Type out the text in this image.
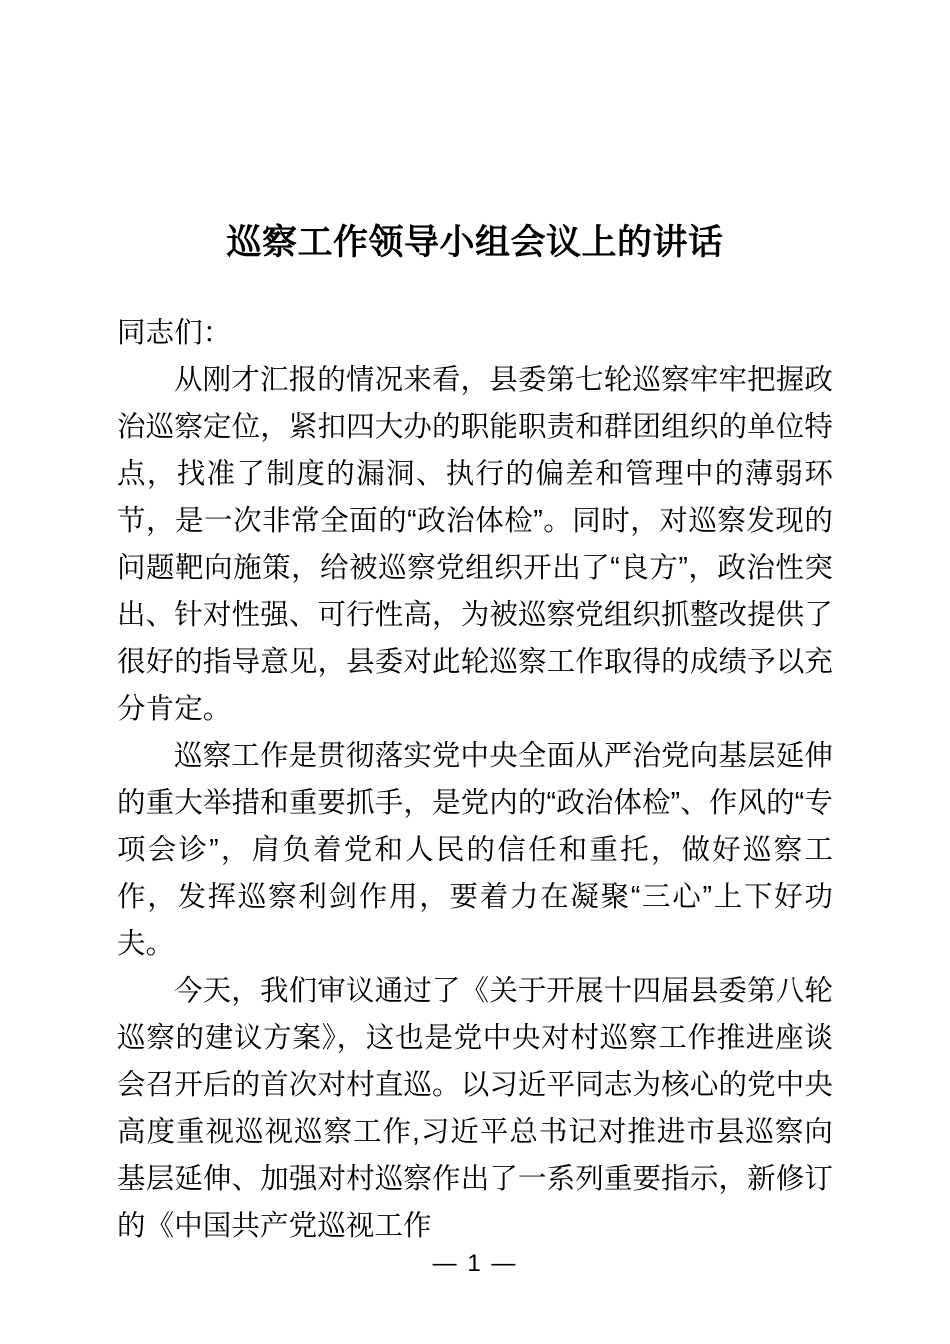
巡察工作领导小组会议上的讲话

同志们：

从刚才汇报的情况来看，县委第七轮巡察牢牢把握政治巡察定位，紧扣四大办的职能职责和群团组织的单位特点，找准了制度的漏洞、执行的偏差和管理中的薄弱环节，是一次非常全面的“政治体检”。同时，对巡察发现的问题靶向施策，给被巡察党组织开出了“良方”，政治性突出、针对性强、可行性高，为被巡察党组织抓整改提供了很好的指导意见，县委对此轮巡察工作取得的成绩予以充分肯定。

巡察工作是贯彻落实党中央全面从严治党向基层延伸的重大举措和重要抓手，是党内的“政治体检”、作风的“专项会诊”，肩负着党和人民的信任和重托，做好巡察工作，发挥巡察利剑作用，要着力在凝聚“三心”上下好功夫。

今天，我们审议通过了《关于开展十四届县委第八轮巡察的建议方案》，这也是党中央对村巡察工作推进座谈会召开后的首次对村直巡。以习近平同志为核心的党中央高度重视巡视巡察工作,习近平总书记对推进市县巡察向基层延伸、加强对村巡察作出了一系列重要指示，新修订的《中国共产党巡视工作

— 1 —
